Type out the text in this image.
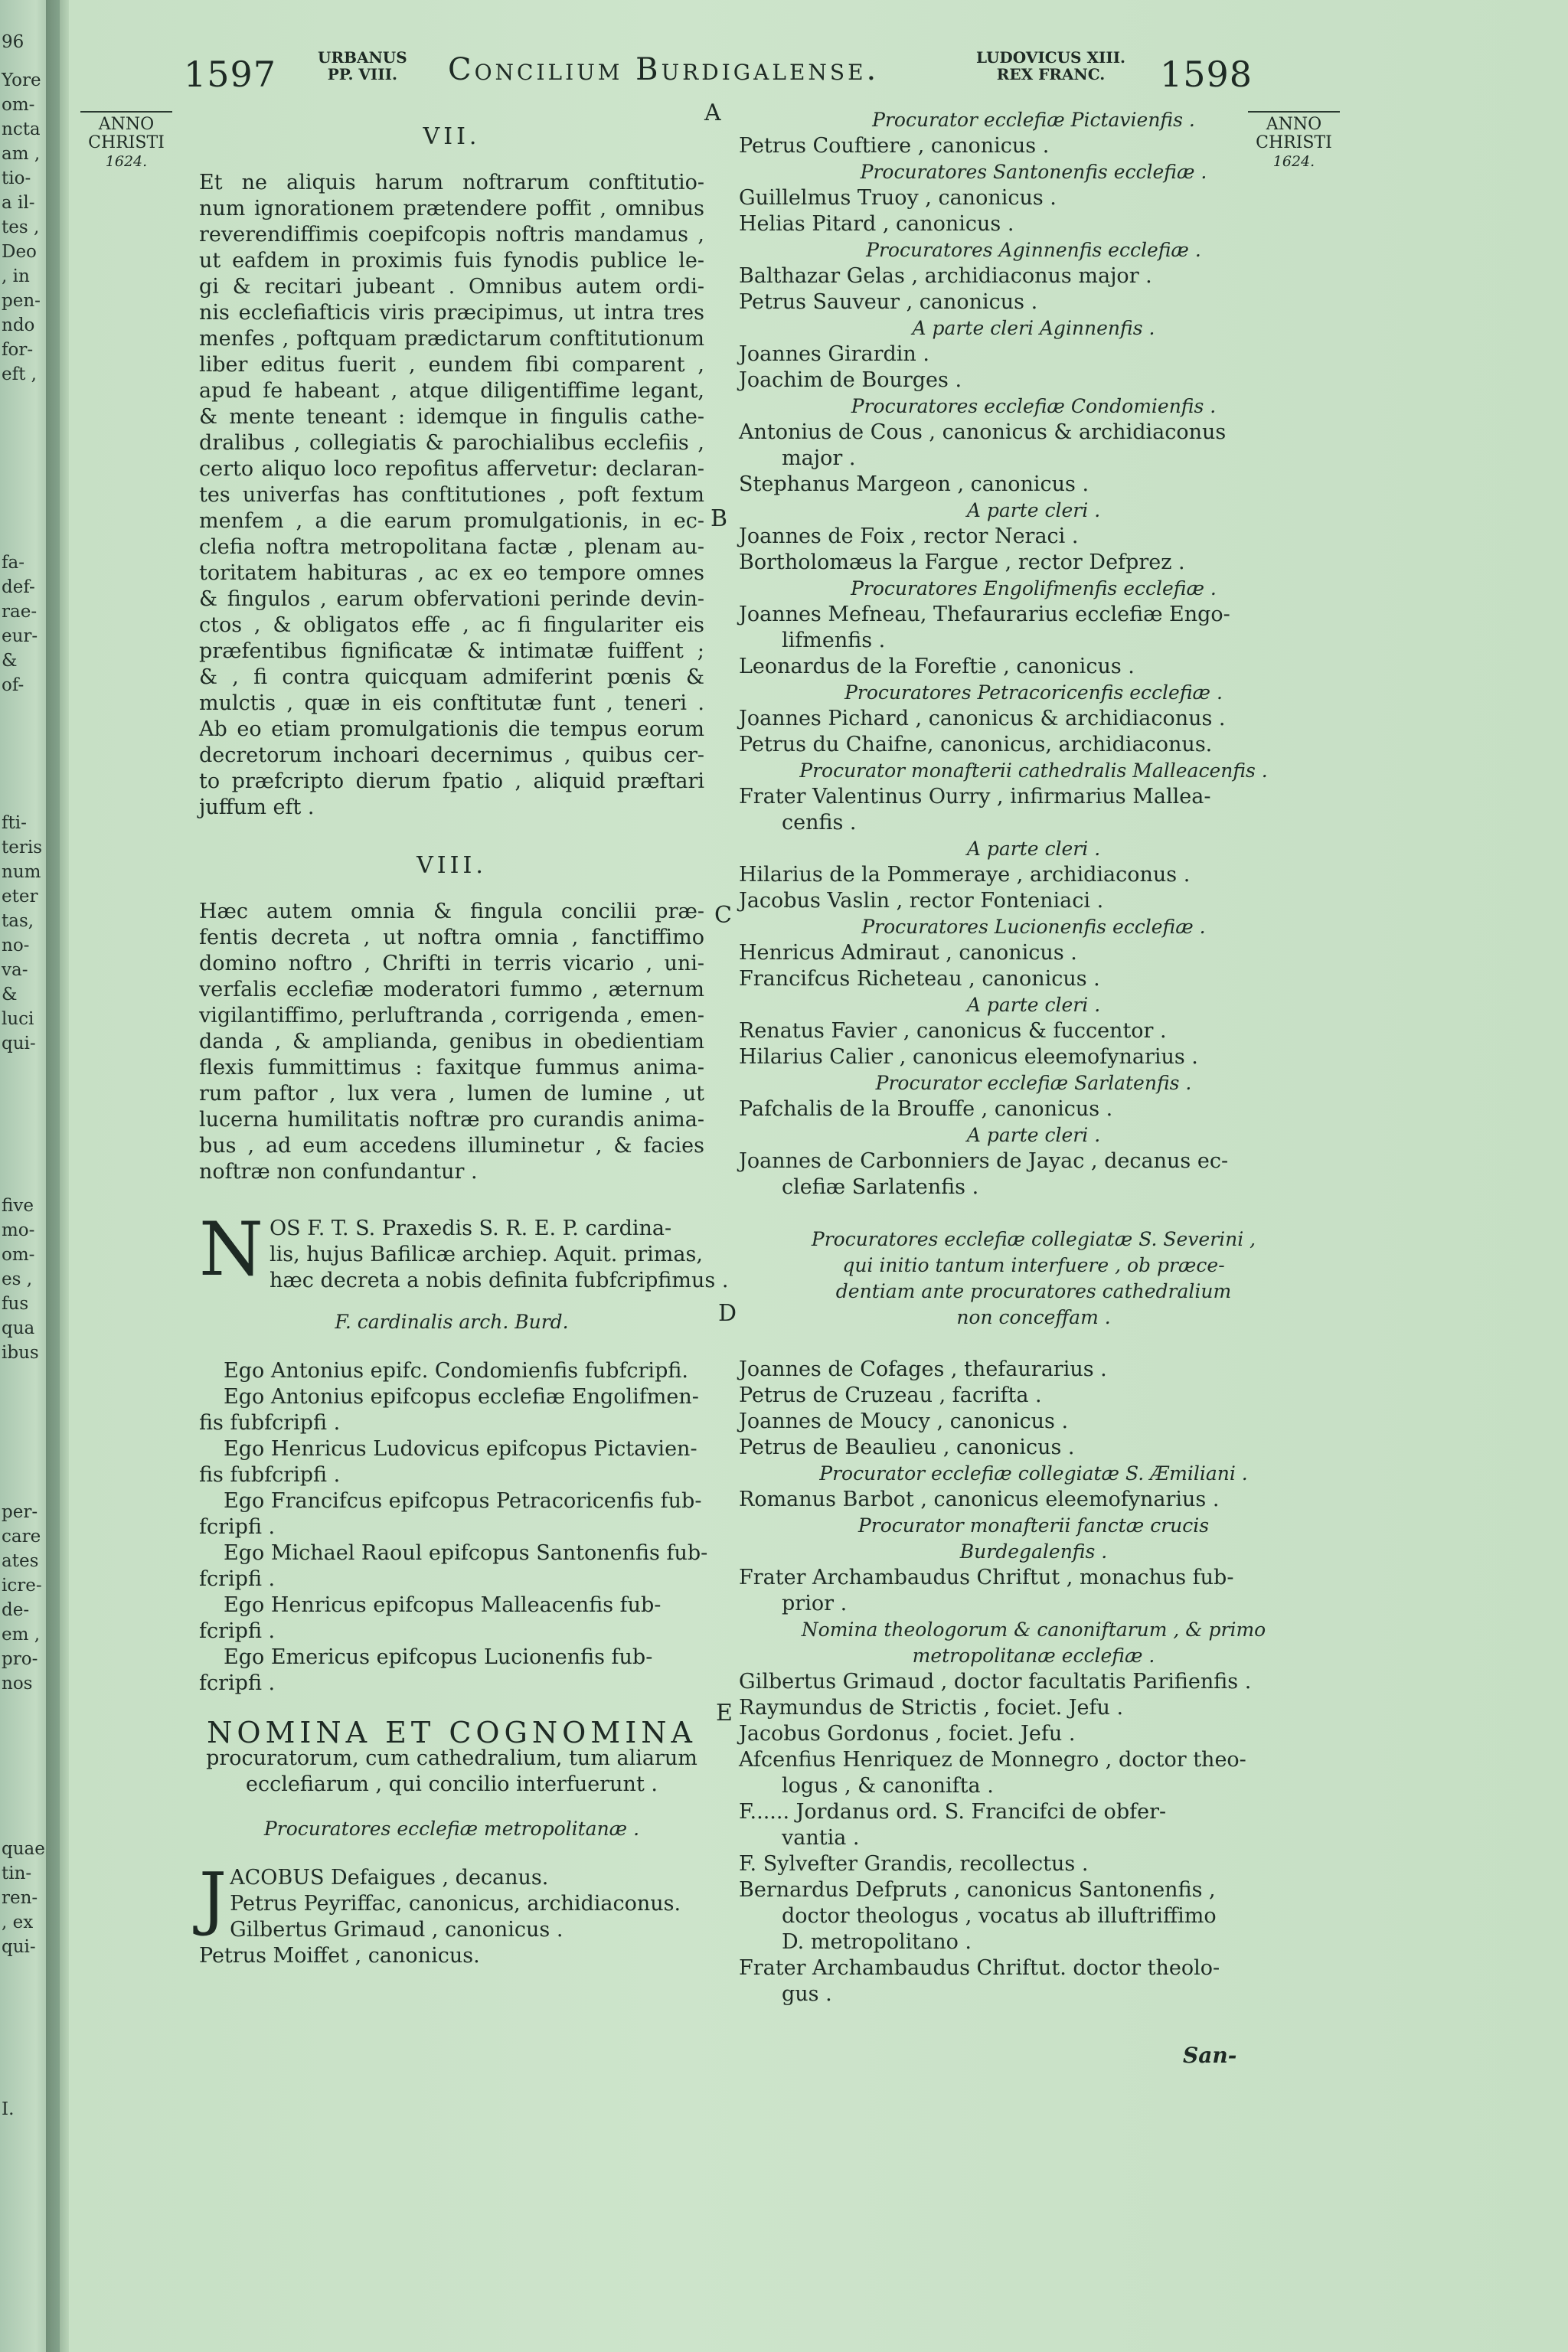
96
Yore
om-
ncta
am ,
tio-
a il-
tes ,
Deo
, in
pen-
ndo
for-
eft ,
fa-
def-
rae-
eur-
&
of-
fti-
teris
num
eter
tas,
no-
va-
&
luci
qui-
five
mo-
om-
es ,
fus
qua
ibus
per-
care
ates
icre-
de-
em ,
pro-
nos
quae
tin-
ren-
, ex
qui-
I.
1597	URBANUS
PP. VIII.	Concilium Burdigalense.	LUDOVICUS XIII.
REX FRANC.	1598
ANNO
CHRISTI
1624.
ANNO
CHRISTI
1624.
A
B
C
D
E
VII.
Et ne aliquis harum noftrarum conftitutio-
num ignorationem prætendere poffit , omnibus
reverendiffimis coepifcopis noftris mandamus ,
ut eafdem in proximis fuis fynodis publice le-
gi & recitari jubeant . Omnibus autem ordi-
nis ecclefiafticis viris præcipimus, ut intra tres
menfes , poftquam prædictarum conftitutionum
liber editus fuerit , eundem fibi comparent ,
apud fe habeant , atque diligentiffime legant,
& mente teneant : idemque in fingulis cathe-
dralibus , collegiatis & parochialibus ecclefiis ,
certo aliquo loco repofitus affervetur: declaran-
tes univerfas has conftitutiones , poft fextum
menfem , a die earum promulgationis, in ec-
clefia noftra metropolitana factæ , plenam au-
toritatem habituras , ac ex eo tempore omnes
& fingulos , earum obfervationi perinde devin-
ctos , & obligatos effe , ac fi fingulariter eis
præfentibus fignificatæ & intimatæ fuiffent ;
& , fi contra quicquam admiferint pœnis &
mulctis , quæ in eis conftitutæ funt , teneri .
Ab eo etiam promulgationis die tempus eorum
decretorum inchoari decernimus , quibus cer-
to præfcripto dierum fpatio , aliquid præftari
juffum eft .
VIII.
Hæc autem omnia & fingula concilii præ-
fentis decreta , ut noftra omnia , fanctiffimo
domino noftro , Chrifti in terris vicario , uni-
verfalis ecclefiæ moderatori fummo , æternum
vigilantiffimo, perluftranda , corrigenda , emen-
danda , & amplianda, genibus in obedientiam
flexis fummittimus : faxitque fummus anima-
rum paftor , lux vera , lumen de lumine , ut
lucerna humilitatis noftræ pro curandis anima-
bus , ad eum accedens illuminetur , & facies
noftræ non confundantur .
N OS F. T. S. Praxedis S. R. E. P. cardina-
lis, hujus Bafilicæ archiep. Aquit. primas,
hæc decreta a nobis definita fubfcripfimus .
F. cardinalis arch. Burd.
Ego Antonius epifc. Condomienfis fubfcripfi.
Ego Antonius epifcopus ecclefiæ Engolifmen-
fis fubfcripfi .
Ego Henricus Ludovicus epifcopus Pictavien-
fis fubfcripfi .
Ego Francifcus epifcopus Petracoricenfis fub-
fcripfi .
Ego Michael Raoul epifcopus Santonenfis fub-
fcripfi .
Ego Henricus epifcopus Malleacenfis fub-
fcripfi .
Ego Emericus epifcopus Lucionenfis fub-
fcripfi .
NOMINA ET COGNOMINA
procuratorum, cum cathedralium, tum aliarum
ecclefiarum , qui concilio interfuerunt .
Procuratores ecclefiæ metropolitanæ .
J ACOBUS Defaigues , decanus.
Petrus Peyriffac, canonicus, archidiaconus.
Gilbertus Grimaud , canonicus .
Petrus Moiffet , canonicus.
Procurator ecclefiæ Pictavienfis .
Petrus Couftiere , canonicus .
Procuratores Santonenfis ecclefiæ .
Guillelmus Truoy , canonicus .
Helias Pitard , canonicus .
Procuratores Aginnenfis ecclefiæ .
Balthazar Gelas , archidiaconus major .
Petrus Sauveur , canonicus .
A parte cleri Aginnenfis .
Joannes Girardin .
Joachim de Bourges .
Procuratores ecclefiæ Condomienfis .
Antonius de Cous , canonicus & archidiaconus
major .
Stephanus Margeon , canonicus .
A parte cleri .
Joannes de Foix , rector Neraci .
Bortholomæus la Fargue , rector Defprez .
Procuratores Engolifmenfis ecclefiæ .
Joannes Mefneau, Thefaurarius ecclefiæ Engo-
lifmenfis .
Leonardus de la Foreftie , canonicus .
Procuratores Petracoricenfis ecclefiæ .
Joannes Pichard , canonicus & archidiaconus .
Petrus du Chaifne, canonicus, archidiaconus.
Procurator monafterii cathedralis Malleacenfis .
Frater Valentinus Ourry , infirmarius Mallea-
cenfis .
A parte cleri .
Hilarius de la Pommeraye , archidiaconus .
Jacobus Vaslin , rector Fonteniaci .
Procuratores Lucionenfis ecclefiæ .
Henricus Admiraut , canonicus .
Francifcus Richeteau , canonicus .
A parte cleri .
Renatus Favier , canonicus & fuccentor .
Hilarius Calier , canonicus eleemofynarius .
Procurator ecclefiæ Sarlatenfis .
Pafchalis de la Brouffe , canonicus .
A parte cleri .
Joannes de Carbonniers de Jayac , decanus ec-
clefiæ Sarlatenfis .
Procuratores ecclefiæ collegiatæ S. Severini ,
qui initio tantum interfuere , ob præce-
dentiam ante procuratores cathedralium
non conceffam .
Joannes de Cofages , thefaurarius .
Petrus de Cruzeau , facrifta .
Joannes de Moucy , canonicus .
Petrus de Beaulieu , canonicus .
Procurator ecclefiæ collegiatæ S. Æmiliani .
Romanus Barbot , canonicus eleemofynarius .
Procurator monafterii fanctæ crucis
Burdegalenfis .
Frater Archambaudus Chriftut , monachus fub-
prior .
Nomina theologorum & canoniftarum , & primo
metropolitanæ ecclefiæ .
Gilbertus Grimaud , doctor facultatis Parifienfis .
Raymundus de Strictis , fociet. Jefu .
Jacobus Gordonus , fociet. Jefu .
Afcenfius Henriquez de Monnegro , doctor theo-
logus , & canonifta .
F...... Jordanus ord. S. Francifci de obfer-
vantia .
F. Sylvefter Grandis, recollectus .
Bernardus Defpruts , canonicus Santonenfis ,
doctor theologus , vocatus ab illuftriffimo
D. metropolitano .
Frater Archambaudus Chriftut. doctor theolo-
gus .
San-
